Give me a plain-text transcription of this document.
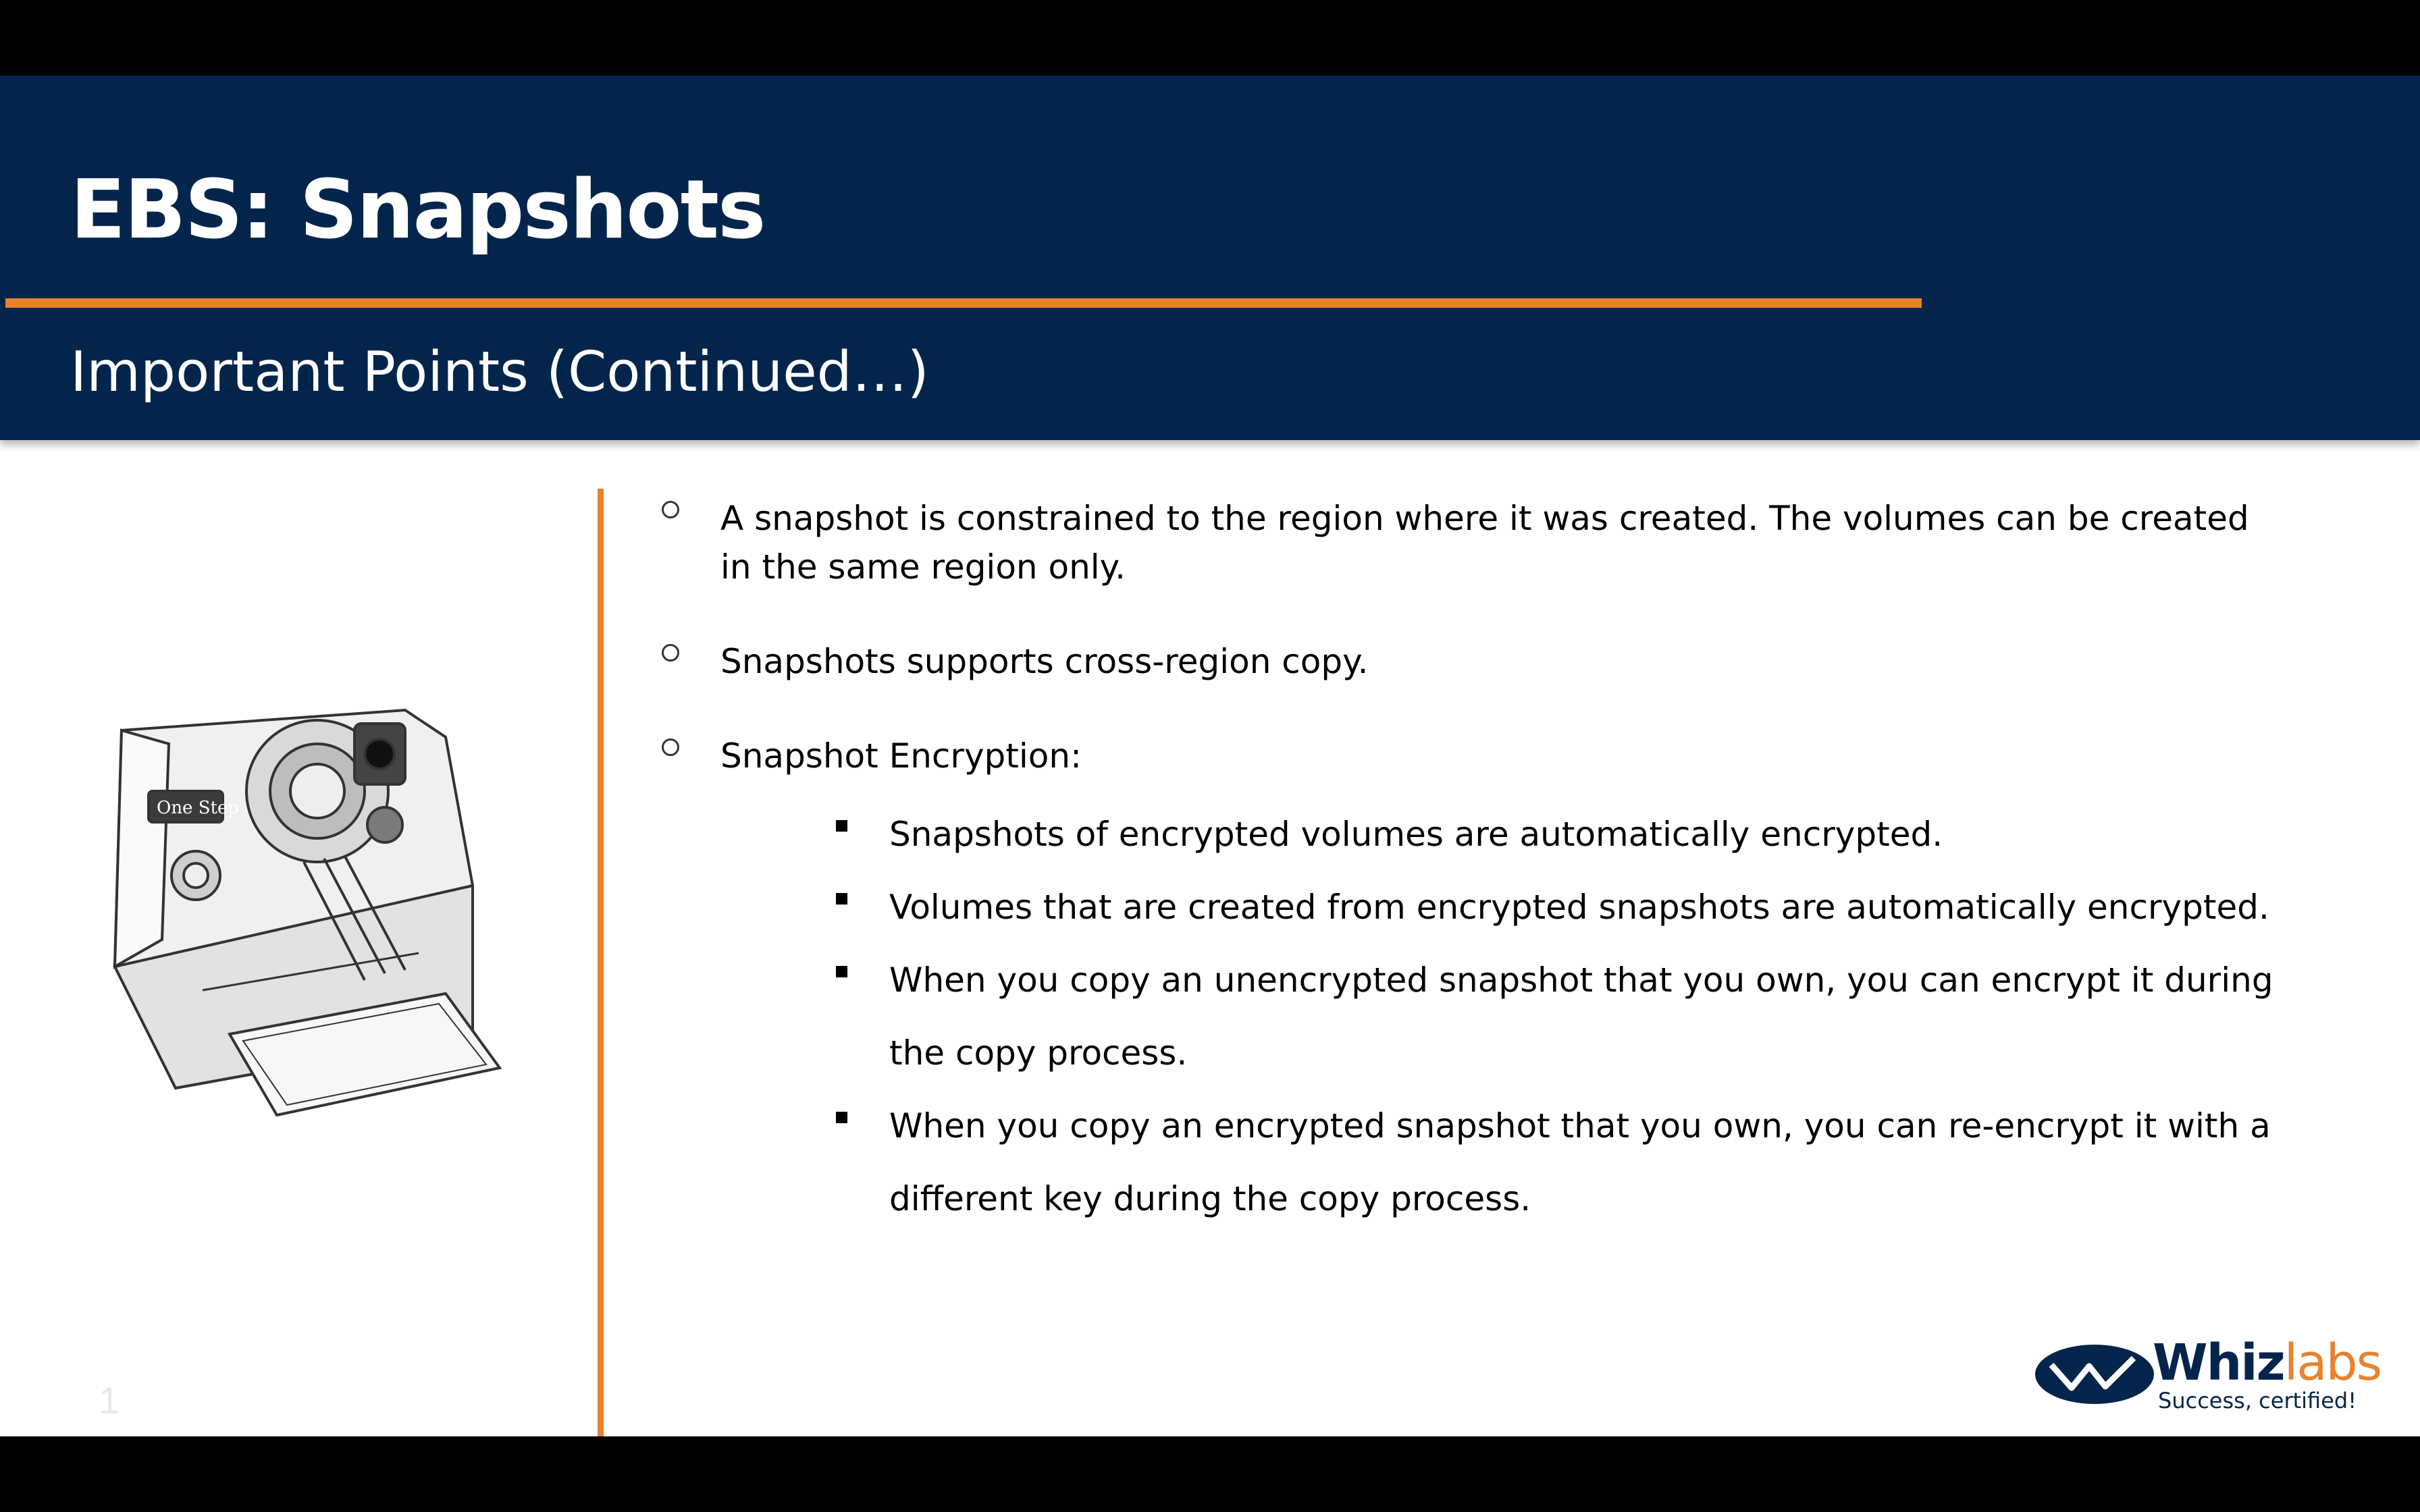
EBS: Snapshots
Important Points (Continued…)
One Step
A snapshot is constrained to the region where it was created. The volumes can be created in the same region only.
Snapshots supports cross-region copy.
Snapshot Encryption:
Snapshots of encrypted volumes are automatically encrypted.
Volumes that are created from encrypted snapshots are automatically encrypted.
When you copy an unencrypted snapshot that you own, you can encrypt it during the copy process.
When you copy an encrypted snapshot that you own, you can re-encrypt it with a different key during the copy process.
1
Whizlabs
Success, certified!
